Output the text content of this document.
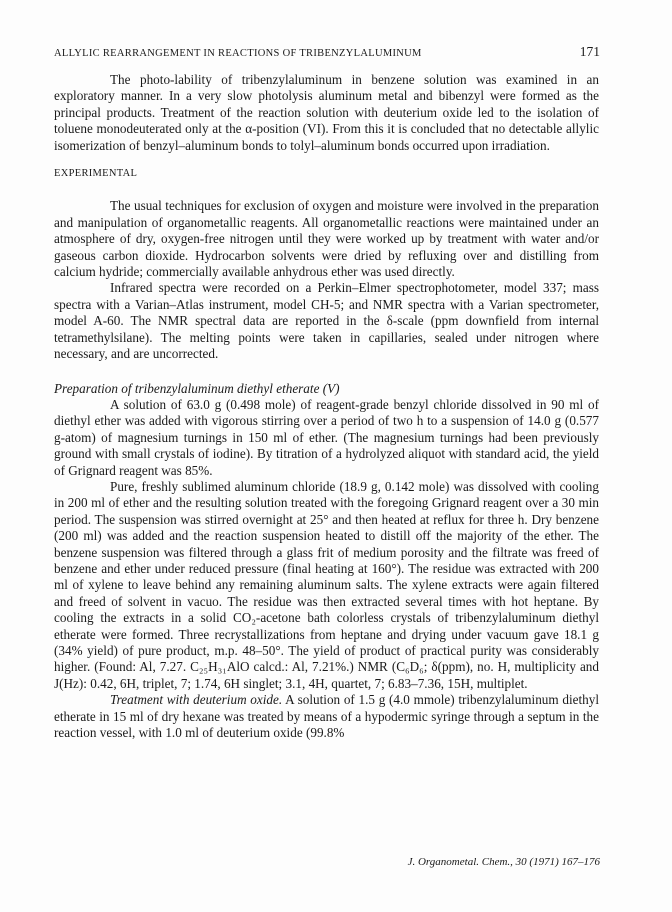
ALLYLIC REARRANGEMENT IN REACTIONS OF TRIBENZYLALUMINUM	171

The photo-lability of tribenzylaluminum in benzene solution was examined in an exploratory manner. In a very slow photolysis aluminum metal and bibenzyl were formed as the principal products. Treatment of the reaction solution with deuterium oxide led to the isolation of toluene monodeuterated only at the α-position (VI). From this it is concluded that no detectable allylic isomerization of benzyl–aluminum bonds to tolyl–aluminum bonds occurred upon irradiation.

EXPERIMENTAL

The usual techniques for exclusion of oxygen and moisture were involved in the preparation and manipulation of organometallic reagents. All organometallic reactions were maintained under an atmosphere of dry, oxygen-free nitrogen until they were worked up by treatment with water and/or gaseous carbon dioxide. Hydrocarbon solvents were dried by refluxing over and distilling from calcium hydride; commercially available anhydrous ether was used directly.

Infrared spectra were recorded on a Perkin–Elmer spectrophotometer, model 337; mass spectra with a Varian–Atlas instrument, model CH-5; and NMR spectra with a Varian spectrometer, model A-60. The NMR spectral data are reported in the δ-scale (ppm downfield from internal tetramethylsilane). The melting points were taken in capillaries, sealed under nitrogen where necessary, and are uncorrected.

Preparation of tribenzylaluminum diethyl etherate (V)

A solution of 63.0 g (0.498 mole) of reagent-grade benzyl chloride dissolved in 90 ml of diethyl ether was added with vigorous stirring over a period of two h to a suspension of 14.0 g (0.577 g-atom) of magnesium turnings in 150 ml of ether. (The magnesium turnings had been previously ground with small crystals of iodine). By titration of a hydrolyzed aliquot with standard acid, the yield of Grignard reagent was 85%.

Pure, freshly sublimed aluminum chloride (18.9 g, 0.142 mole) was dissolved with cooling in 200 ml of ether and the resulting solution treated with the foregoing Grignard reagent over a 30 min period. The suspension was stirred overnight at 25° and then heated at reflux for three h. Dry benzene (200 ml) was added and the reaction suspension heated to distill off the majority of the ether. The benzene suspension was filtered through a glass frit of medium porosity and the filtrate was freed of benzene and ether under reduced pressure (final heating at 160°). The residue was extracted with 200 ml of xylene to leave behind any remaining aluminum salts. The xylene extracts were again filtered and freed of solvent in vacuo. The residue was then extracted several times with hot heptane. By cooling the extracts in a solid CO₂-acetone bath colorless crystals of tribenzylaluminum diethyl etherate were formed. Three recrystallizations from heptane and drying under vacuum gave 18.1 g (34% yield) of pure product, m.p. 48–50°. The yield of product of practical purity was considerably higher. (Found: Al, 7.27. C₂₅H₃₁AlO calcd.: Al, 7.21%.) NMR (C₆D₆; δ(ppm), no. H, multiplicity and J(Hz): 0.42, 6H, triplet, 7; 1.74, 6H singlet; 3.1, 4H, quartet, 7; 6.83–7.36, 15H, multiplet.

Treatment with deuterium oxide. A solution of 1.5 g (4.0 mmole) tribenzylaluminum diethyl etherate in 15 ml of dry hexane was treated by means of a hypodermic syringe through a septum in the reaction vessel, with 1.0 ml of deuterium oxide (99.8%

J. Organometal. Chem., 30 (1971) 167–176
